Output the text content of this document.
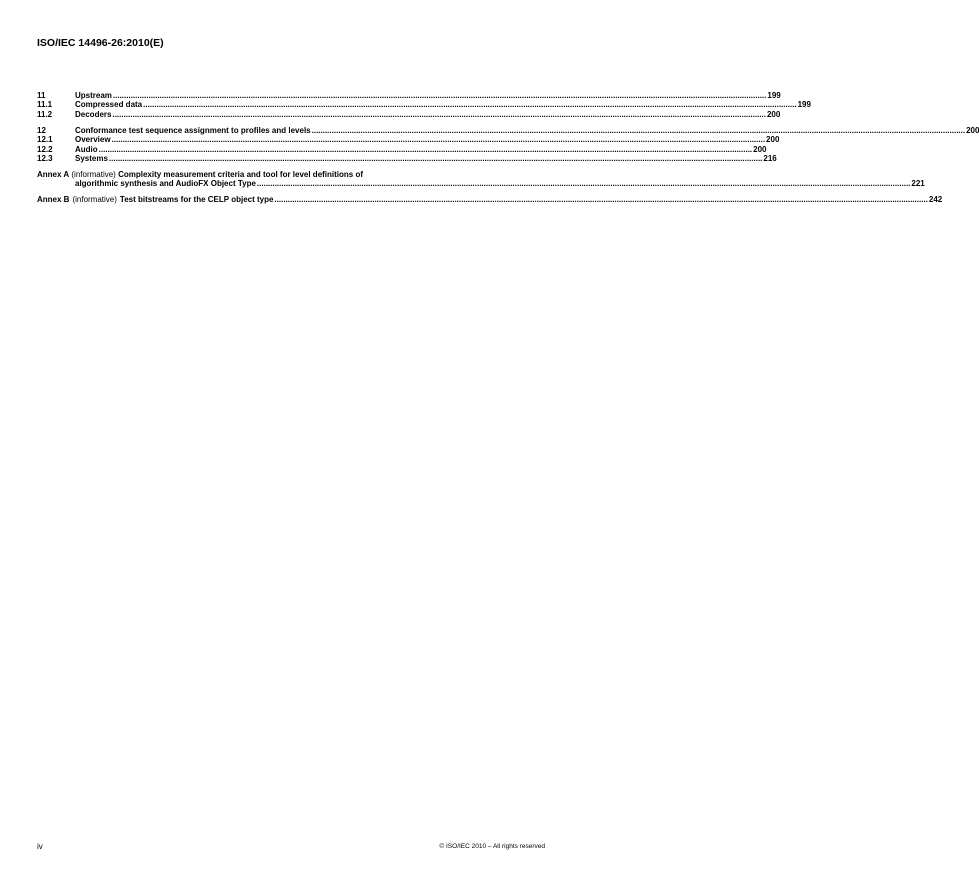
ISO/IEC 14496-26:2010(E)
11	Upstream .....	199
11.1	Compressed data .....	199
11.2	Decoders .....	200
12	Conformance test sequence assignment to profiles and levels .....	200
12.1	Overview .....	200
12.2	Audio .....	200
12.3	Systems .....	216
Annex A (informative) Complexity measurement criteria and tool for level definitions of
algorithmic synthesis and AudioFX Object Type .....	221
Annex B (informative) Test bitstreams for the CELP object type .....	242
iv	© ISO/IEC 2010 – All rights reserved
